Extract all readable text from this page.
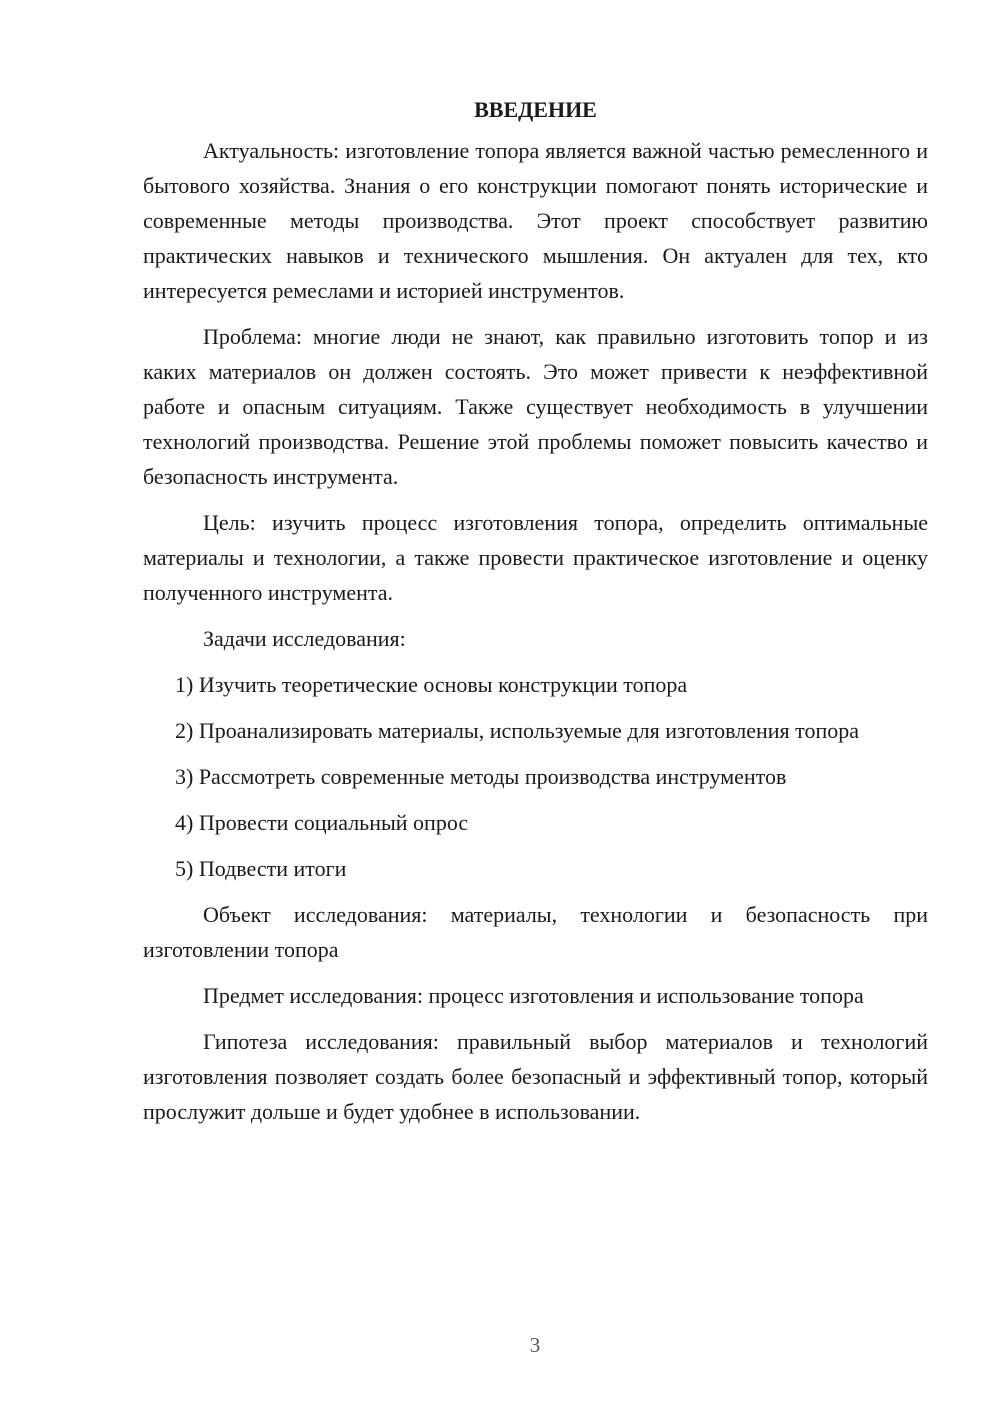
ВВЕДЕНИЕ

Актуальность: изготовление топора является важной частью ремесленного и бытового хозяйства. Знания о его конструкции помогают понять исторические и современные методы производства. Этот проект способствует развитию практических навыков и технического мышления. Он актуален для тех, кто интересуется ремеслами и историей инструментов.

Проблема: многие люди не знают, как правильно изготовить топор и из каких материалов он должен состоять. Это может привести к неэффективной работе и опасным ситуациям. Также существует необходимость в улучшении технологий производства. Решение этой проблемы поможет повысить качество и безопасность инструмента.

Цель: изучить процесс изготовления топора, определить оптимальные материалы и технологии, а также провести практическое изготовление и оценку полученного инструмента.

Задачи исследования:

1) Изучить теоретические основы конструкции топора

2) Проанализировать материалы, используемые для изготовления топора

3) Рассмотреть современные методы производства инструментов

4) Провести социальный опрос

5) Подвести итоги

Объект исследования: материалы, технологии и безопасность при изготовлении топора

Предмет исследования: процесс изготовления и использование топора

Гипотеза исследования: правильный выбор материалов и технологий изготовления позволяет создать более безопасный и эффективный топор, который прослужит дольше и будет удобнее в использовании.

3
